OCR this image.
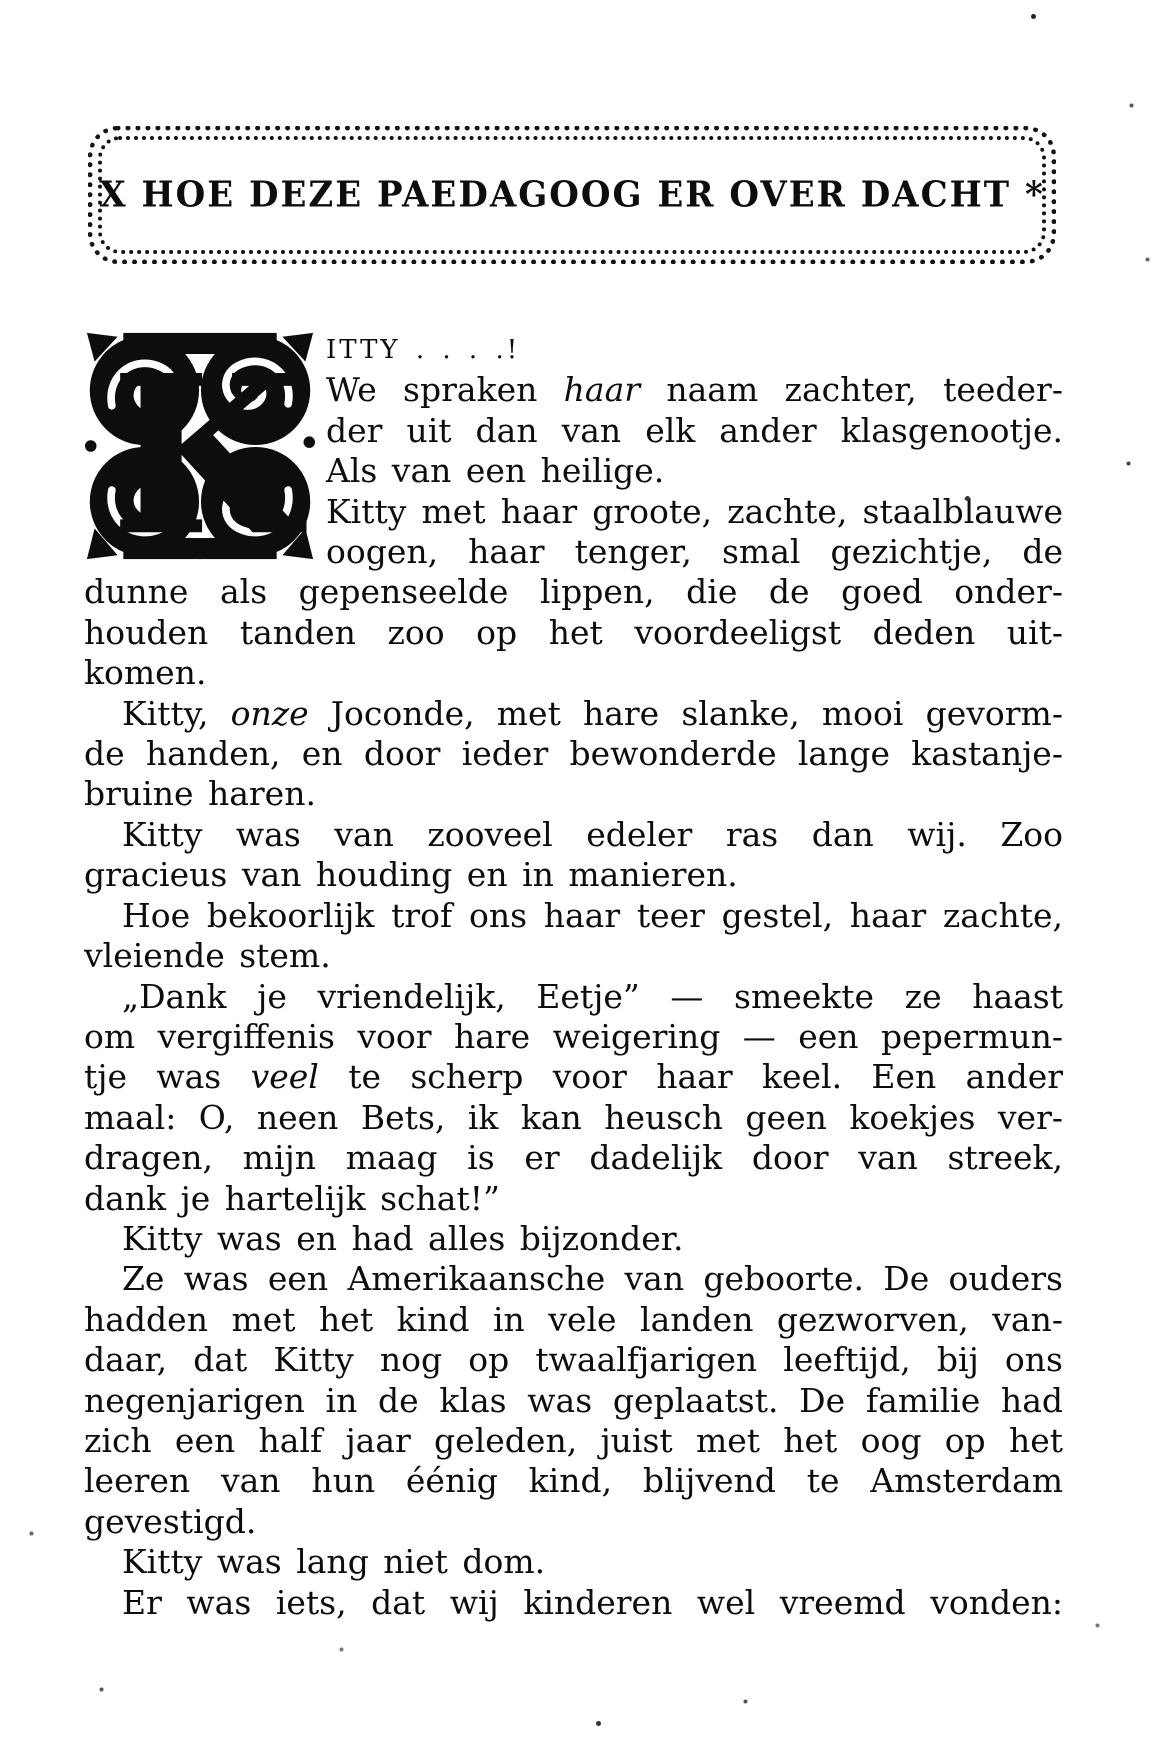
X HOE DEZE PAEDAGOOG ER OVER DACHT *
K	ITTY . . . .!
We spraken haar naam zachter, teeder-
der uit dan van elk ander klasgenootje.
Als van een heilige.
Kitty met haar groote, zachte, staalblauwe
oogen, haar tenger, smal gezichtje, de
dunne als gepenseelde lippen, die de goed onder-
houden tanden zoo op het voordeeligst deden uit-
komen.
Kitty, onze Joconde, met hare slanke, mooi gevorm-
de handen, en door ieder bewonderde lange kastanje-
bruine haren.
Kitty was van zooveel edeler ras dan wij. Zoo
gracieus van houding en in manieren.
Hoe bekoorlijk trof ons haar teer gestel, haar zachte,
vleiende stem.
„Dank je vriendelijk, Eetje” — smeekte ze haast
om vergiffenis voor hare weigering — een pepermun-
tje was veel te scherp voor haar keel. Een ander
maal: O, neen Bets, ik kan heusch geen koekjes ver-
dragen, mijn maag is er dadelijk door van streek,
dank je hartelijk schat!”
Kitty was en had alles bijzonder.
Ze was een Amerikaansche van geboorte. De ouders
hadden met het kind in vele landen gezworven, van-
daar, dat Kitty nog op twaalfjarigen leeftijd, bij ons
negenjarigen in de klas was geplaatst. De familie had
zich een half jaar geleden, juist met het oog op het
leeren van hun éénig kind, blijvend te Amsterdam
gevestigd.
Kitty was lang niet dom.
Er was iets, dat wij kinderen wel vreemd vonden:
